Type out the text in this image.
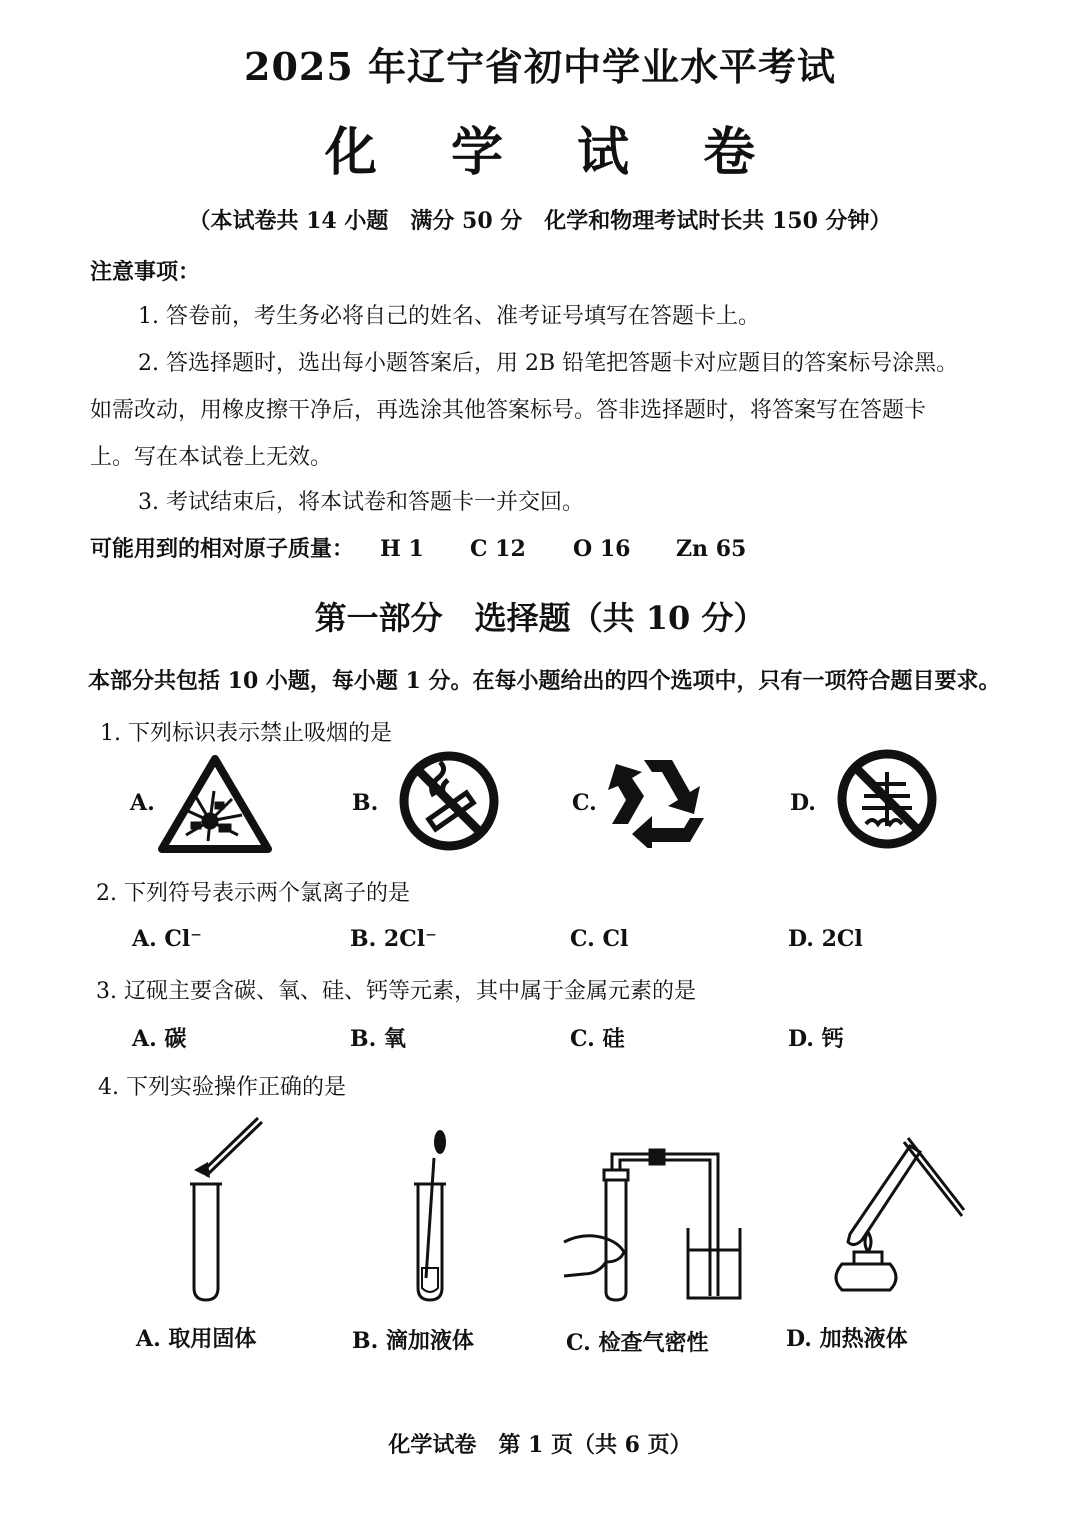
2025 年辽宁省初中学业水平考试
化 学 试 卷
（本试卷共 14 小题　满分 50 分　化学和物理考试时长共 150 分钟）
注意事项：
1. 答卷前，考生务必将自己的姓名、准考证号填写在答题卡上。
2. 答选择题时，选出每小题答案后，用 2B 铅笔把答题卡对应题目的答案标号涂黑。
如需改动，用橡皮擦干净后，再选涂其他答案标号。答非选择题时，将答案写在答题卡
上。写在本试卷上无效。
3. 考试结束后，将本试卷和答题卡一并交回。
可能用到的相对原子质量： H 1 C 12 O 16 Zn 65
第一部分　选择题（共 10 分）
本部分共包括 10 小题，每小题 1 分。在每小题给出的四个选项中，只有一项符合题目要求。
1. 下列标识表示禁止吸烟的是
A.	B.	C.	D.
2. 下列符号表示两个氯离子的是
A. Cl⁻	B. 2Cl⁻	C. Cl	D. 2Cl
3. 辽砚主要含碳、氧、硅、钙等元素，其中属于金属元素的是
A. 碳	B. 氧	C. 硅	D. 钙
4. 下列实验操作正确的是
A. 取用固体	B. 滴加液体	C. 检查气密性	D. 加热液体
化学试卷　第 1 页（共 6 页）
